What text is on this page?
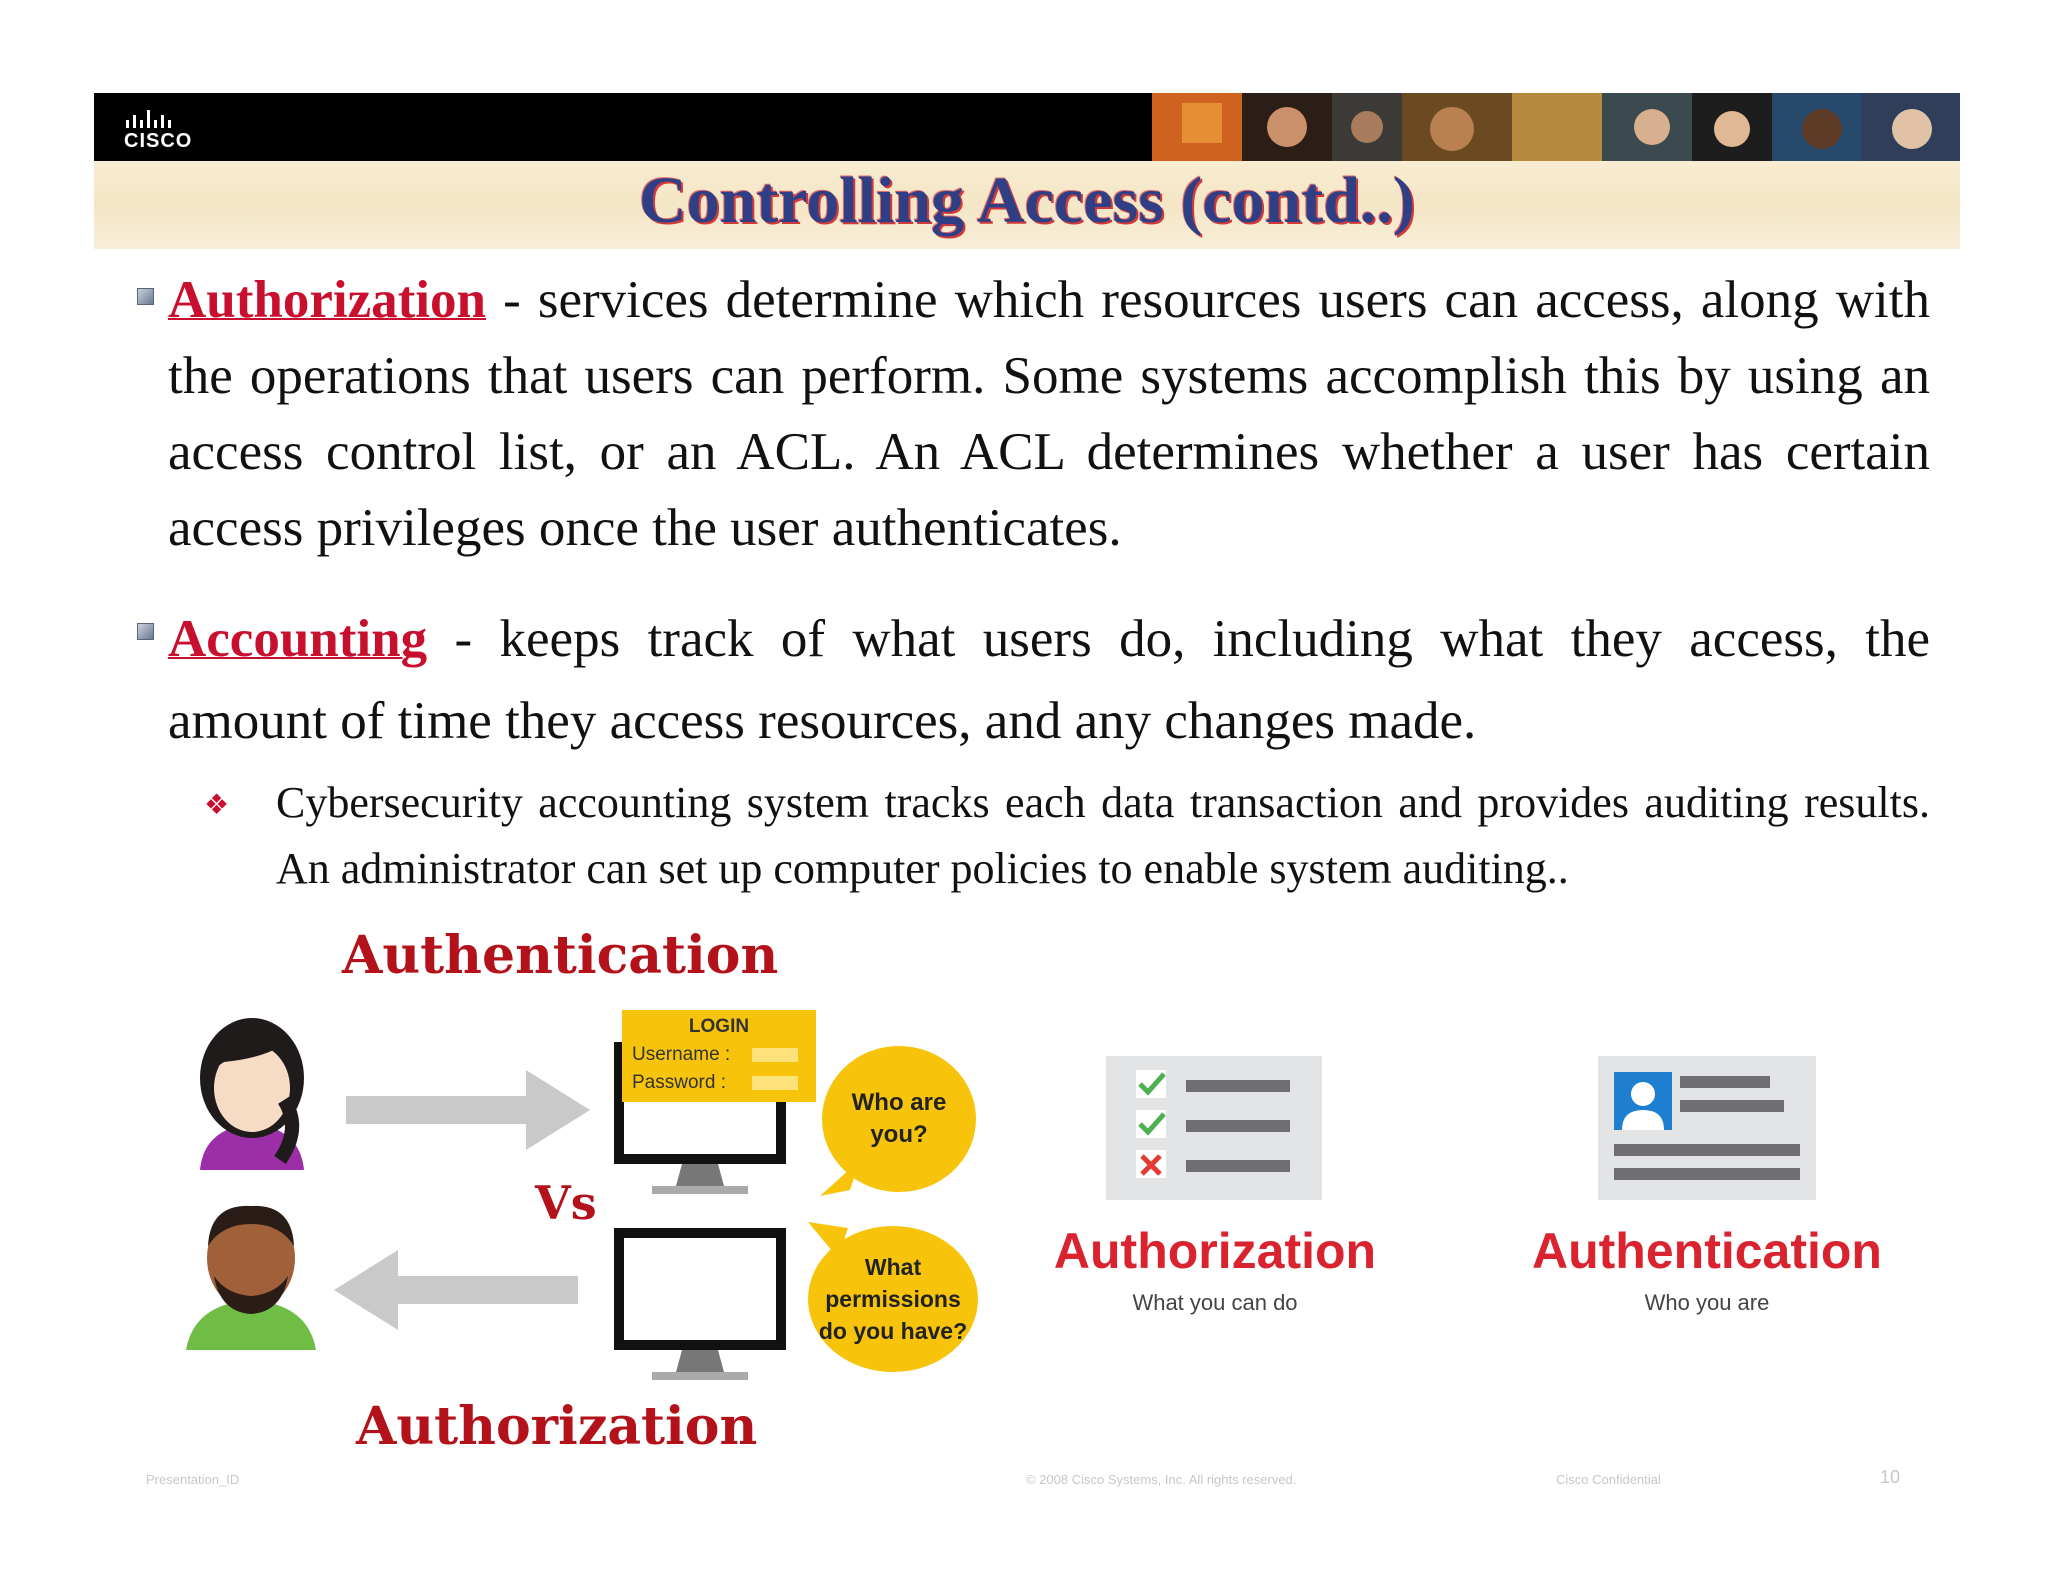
CISCO
Controlling Access (contd..)
Authorization - services determine which resources users can access, along with the operations that users can perform. Some systems accomplish this by using an access control list, or an ACL. An ACL determines whether a user has certain access privileges once the user authenticates.
Accounting - keeps track of what users do, including what they access, the amount of time they access resources, and any changes made.
❖ Cybersecurity accounting system tracks each data transaction and provides auditing results. An administrator can set up computer policies to enable system auditing..
Authentication
Vs
Authorization
LOGIN
Username :
Password :
Who are you?
What permissions do you have?
Authorization
What you can do
Authentication
Who you are
Presentation_ID	© 2008 Cisco Systems, Inc. All rights reserved.	Cisco Confidential	10
